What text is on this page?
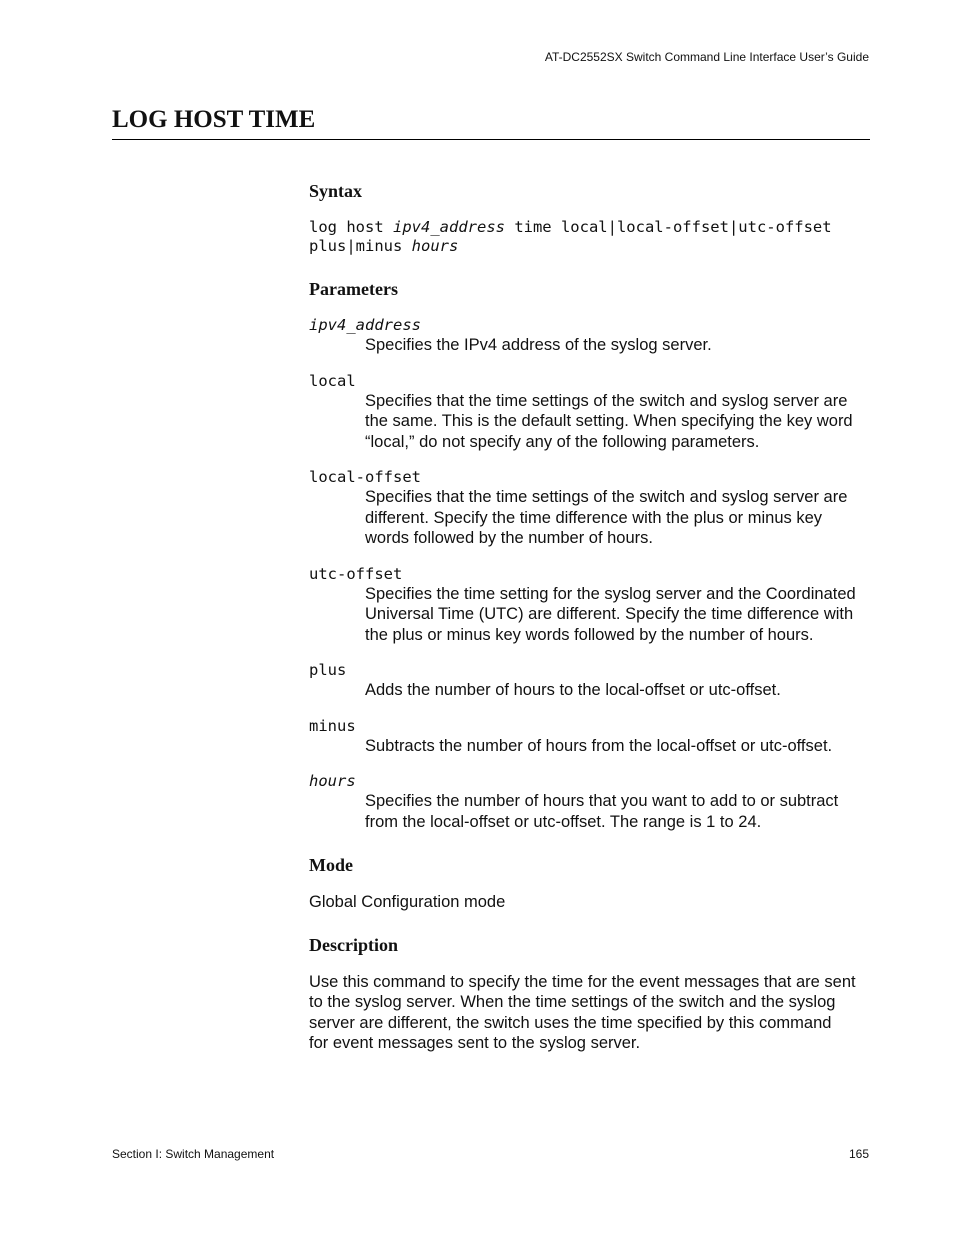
AT-DC2552SX Switch Command Line Interface User’s Guide
LOG HOST TIME
Syntax
log host ipv4_address time local|local-offset|utc-offset
plus|minus hours
Parameters
ipv4_address
Specifies the IPv4 address of the syslog server.
local
Specifies that the time settings of the switch and syslog server are
the same. This is the default setting. When specifying the key word
“local,” do not specify any of the following parameters.
local-offset
Specifies that the time settings of the switch and syslog server are
different. Specify the time difference with the plus or minus key
words followed by the number of hours.
utc-offset
Specifies the time setting for the syslog server and the Coordinated
Universal Time (UTC) are different. Specify the time difference with
the plus or minus key words followed by the number of hours.
plus
Adds the number of hours to the local-offset or utc-offset.
minus
Subtracts the number of hours from the local-offset or utc-offset.
hours
Specifies the number of hours that you want to add to or subtract
from the local-offset or utc-offset. The range is 1 to 24.
Mode
Global Configuration mode
Description
Use this command to specify the time for the event messages that are sent
to the syslog server. When the time settings of the switch and the syslog
server are different, the switch uses the time specified by this command
for event messages sent to the syslog server.
Section I: Switch Management	165
